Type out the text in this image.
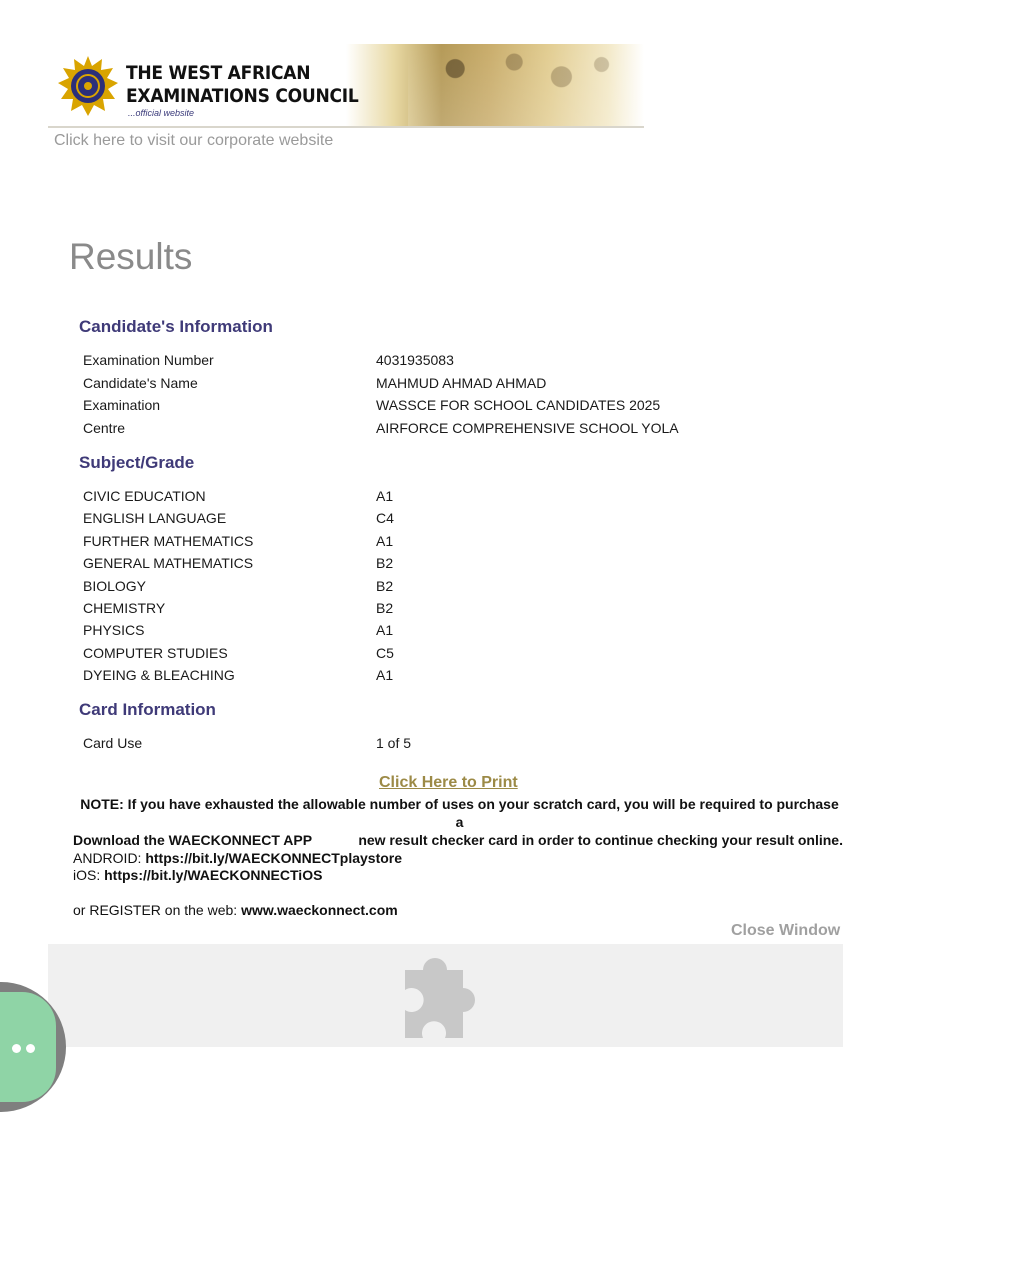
THE WEST AFRICAN
EXAMINATIONS COUNCIL
...official website
Click here to visit our corporate website
Results
Candidate's Information
Examination Number	4031935083
Candidate's Name	MAHMUD AHMAD AHMAD
Examination	WASSCE FOR SCHOOL CANDIDATES 2025
Centre	AIRFORCE COMPREHENSIVE SCHOOL YOLA
Subject/Grade
CIVIC EDUCATION	A1
ENGLISH LANGUAGE	C4
FURTHER MATHEMATICS	A1
GENERAL MATHEMATICS	B2
BIOLOGY	B2
CHEMISTRY	B2
PHYSICS	A1
COMPUTER STUDIES	C5
DYEING & BLEACHING	A1
Card Information
Card Use	1 of 5
Click Here to Print
NOTE: If you have exhausted the allowable number of uses on your scratch card, you will be required to purchase a
new result checker card in order to continue checking your result online.
Download the WAECKONNECT APP
ANDROID: https://bit.ly/WAECKONNECTplaystore
iOS: https://bit.ly/WAECKONNECTiOS
or REGISTER on the web: www.waeckonnect.com
Close Window
